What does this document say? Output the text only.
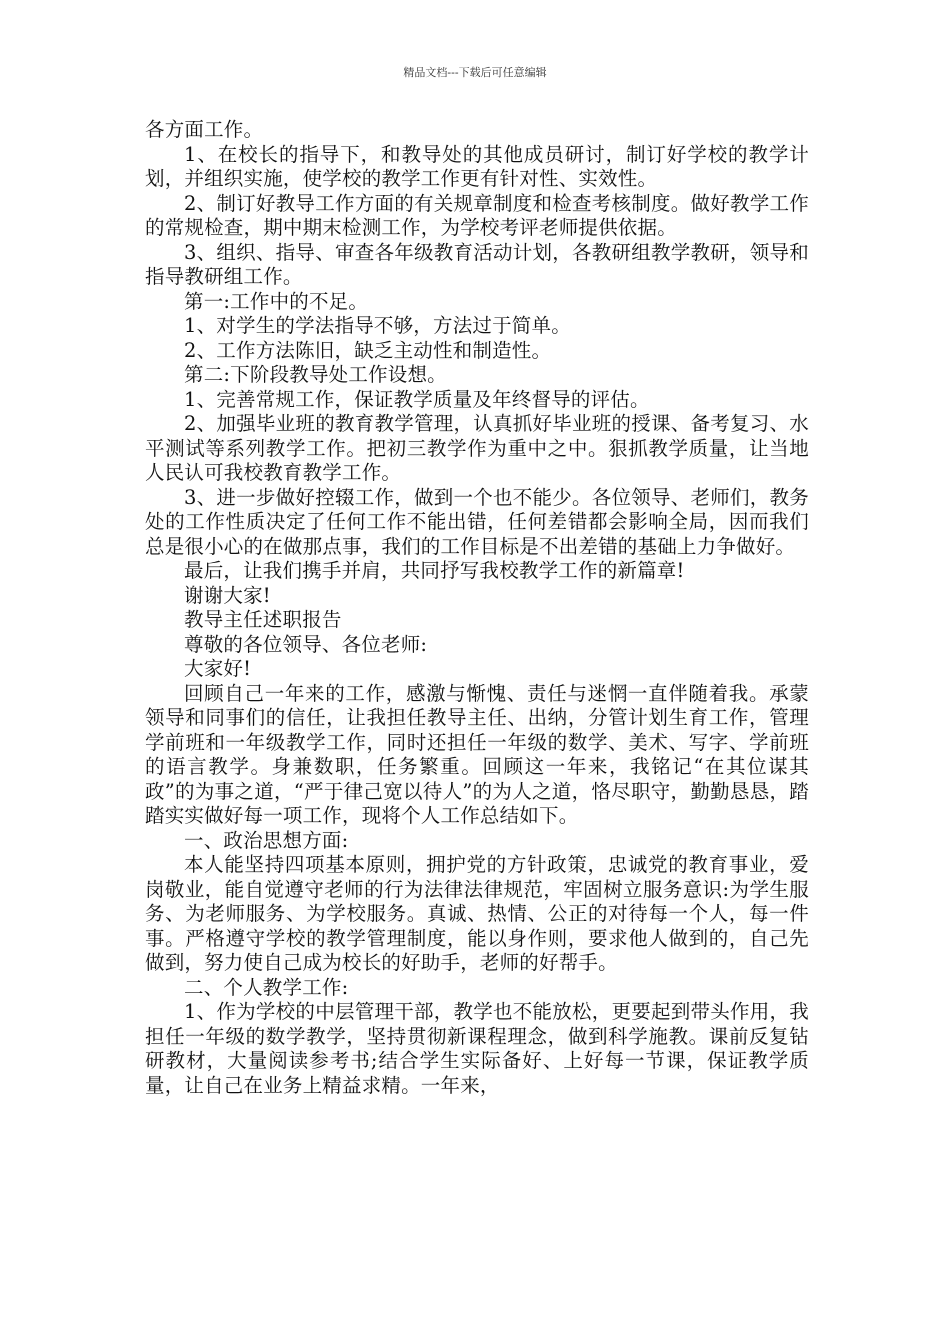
精品文档---下载后可任意编辑

各方面工作。

1、在校长的指导下，和教导处的其他成员研讨，制订好学校的教学计划，并组织实施，使学校的教学工作更有针对性、实效性。

2、制订好教导工作方面的有关规章制度和检查考核制度。做好教学工作的常规检查，期中期末检测工作，为学校考评老师提供依据。

3、组织、指导、审查各年级教育活动计划，各教研组教学教研，领导和指导教研组工作。

第一:工作中的不足。

1、对学生的学法指导不够，方法过于简单。

2、工作方法陈旧，缺乏主动性和制造性。

第二:下阶段教导处工作设想。

1、完善常规工作，保证教学质量及年终督导的评估。

2、加强毕业班的教育教学管理，认真抓好毕业班的授课、备考复习、水平测试等系列教学工作。把初三教学作为重中之中。狠抓教学质量，让当地人民认可我校教育教学工作。

3、进一步做好控辍工作，做到一个也不能少。各位领导、老师们，教务处的工作性质决定了任何工作不能出错，任何差错都会影响全局，因而我们总是很小心的在做那点事，我们的工作目标是不出差错的基础上力争做好。

最后，让我们携手并肩，共同抒写我校教学工作的新篇章!

谢谢大家!

教导主任述职报告

尊敬的各位领导、各位老师:

大家好!

回顾自己一年来的工作，感激与惭愧、责任与迷惘一直伴随着我。承蒙领导和同事们的信任，让我担任教导主任、出纳，分管计划生育工作，管理学前班和一年级教学工作，同时还担任一年级的数学、美术、写字、学前班的语言教学。身兼数职，任务繁重。回顾这一年来，我铭记“在其位谋其政”的为事之道，“严于律己宽以待人”的为人之道，恪尽职守，勤勤恳恳，踏踏实实做好每一项工作，现将个人工作总结如下。

一、政治思想方面:

本人能坚持四项基本原则，拥护党的方针政策，忠诚党的教育事业，爱岗敬业，能自觉遵守老师的行为法律法律规范，牢固树立服务意识:为学生服务、为老师服务、为学校服务。真诚、热情、公正的对待每一个人，每一件事。严格遵守学校的教学管理制度，能以身作则，要求他人做到的，自己先做到，努力使自己成为校长的好助手，老师的好帮手。

二、个人教学工作:

1、作为学校的中层管理干部，教学也不能放松，更要起到带头作用，我担任一年级的数学教学，坚持贯彻新课程理念，做到科学施教。课前反复钻研教材，大量阅读参考书;结合学生实际备好、上好每一节课，保证教学质量，让自己在业务上精益求精。一年来，
